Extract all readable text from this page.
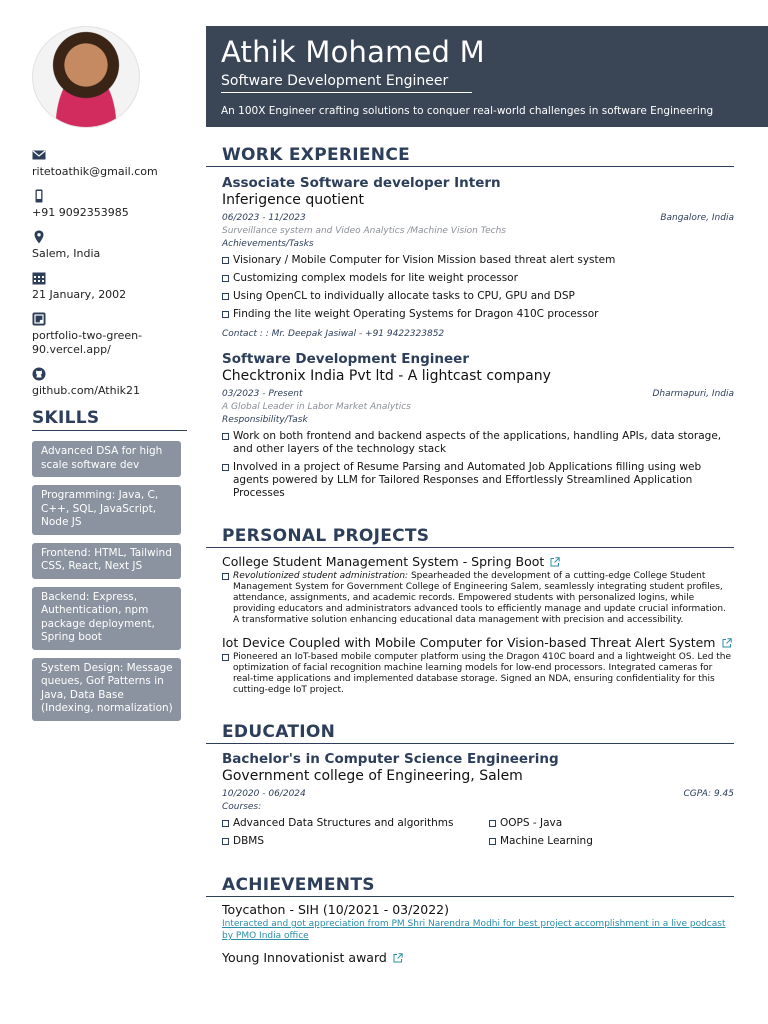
ritetoathik@gmail.com
+91 9092353985
Salem, India
21 January, 2002
portfolio-two-green-90.vercel.app/
github.com/Athik21
SKILLS
Advanced DSA for high scale software dev
Programming: Java, C, C++, SQL, JavaScript, Node JS
Frontend: HTML, Tailwind CSS, React, Next JS
Backend: Express, Authentication, npm package deployment, Spring boot
System Design: Message queues, Gof Patterns in Java, Data Base (Indexing, normalization)
Athik Mohamed M
Software Development Engineer
An 100X Engineer crafting solutions to conquer real-world challenges in software Engineering
WORK EXPERIENCE
Associate Software developer Intern
Inferigence quotient
06/2023 - 11/2023	Bangalore, India
Surveillance system and Video Analytics /Machine Vision Techs
Achievements/Tasks
Visionary / Mobile Computer for Vision Mission based threat alert system
Customizing complex models for lite weight processor
Using OpenCL to individually allocate tasks to CPU, GPU and DSP
Finding the lite weight Operating Systems for Dragon 410C processor
Contact : : Mr. Deepak Jasiwal - +91 9422323852
Software Development Engineer
Checktronix India Pvt ltd - A lightcast company
03/2023 - Present	Dharmapuri, India
A Global Leader in Labor Market Analytics
Responsibility/Task
Work on both frontend and backend aspects of the applications, handling APIs, data storage, and other layers of the technology stack
Involved in a project of Resume Parsing and Automated Job Applications filling using web agents powered by LLM for Tailored Responses and Effortlessly Streamlined Application Processes
PERSONAL PROJECTS
College Student Management System - Spring Boot
Revolutionized student administration: Spearheaded the development of a cutting-edge College Student Management System for Government College of Engineering Salem, seamlessly integrating student profiles, attendance, assignments, and academic records. Empowered students with personalized logins, while providing educators and administrators advanced tools to efficiently manage and update crucial information. A transformative solution enhancing educational data management with precision and accessibility.
Iot Device Coupled with Mobile Computer for Vision-based Threat Alert System
Pioneered an IoT-based mobile computer platform using the Dragon 410C board and a lightweight OS. Led the optimization of facial recognition machine learning models for low-end processors. Integrated cameras for real-time applications and implemented database storage. Signed an NDA, ensuring confidentiality for this cutting-edge IoT project.
EDUCATION
Bachelor's in Computer Science Engineering
Government college of Engineering, Salem
10/2020 - 06/2024	CGPA: 9.45
Courses:
Advanced Data Structures and algorithms	OOPS - Java
DBMS	Machine Learning
ACHIEVEMENTS
Toycathon - SIH (10/2021 - 03/2022)
Interacted and got appreciation from PM Shri Narendra Modhi for best project accomplishment in a live podcast by PMO India office
Young Innovationist award
